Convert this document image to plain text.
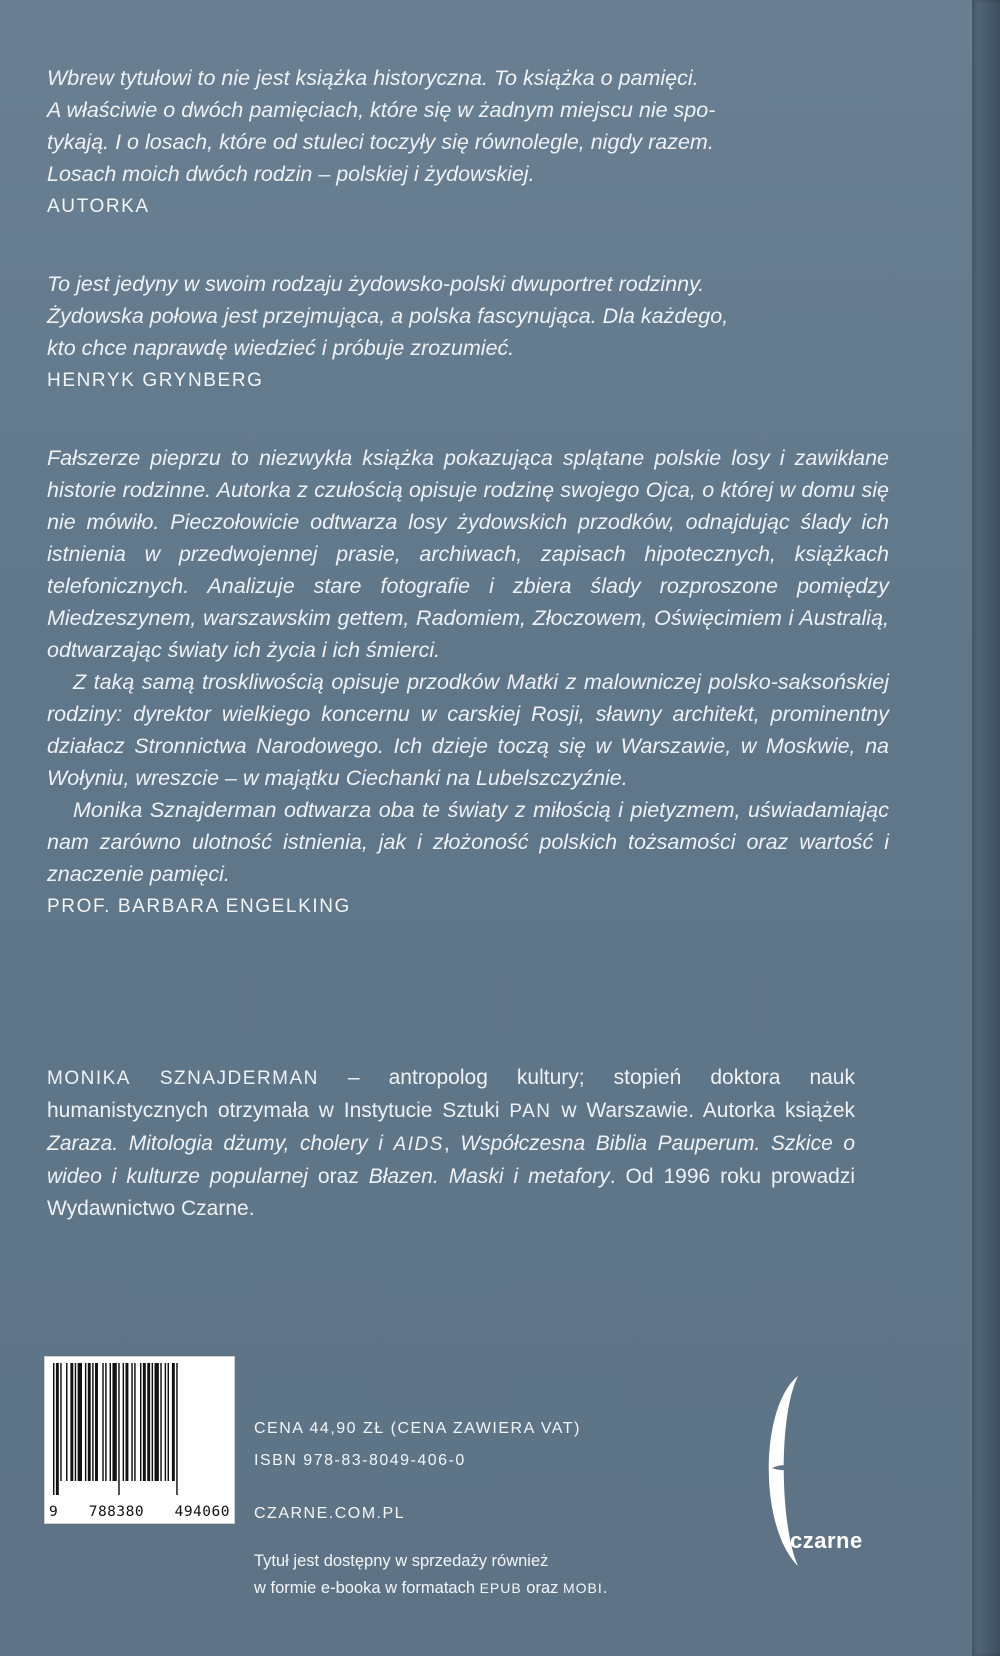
Wbrew tytułowi to nie jest książka historyczna. To książka o pamięci.

A właściwie o dwóch pamięciach, które się w żadnym miejscu nie spo-

tykają. I o losach, które od stuleci toczyły się równolegle, nigdy razem.

Losach moich dwóch rodzin – polskiej i żydowskiej.

AUTORKA

To jest jedyny w swoim rodzaju żydowsko-polski dwuportret rodzinny.

Żydowska połowa jest przejmująca, a polska fascynująca. Dla każdego,

kto chce naprawdę wiedzieć i próbuje zrozumieć.

HENRYK GRYNBERG

Fałszerze pieprzu to niezwykła książka pokazująca splątane polskie losy i zawikłane historie rodzinne. Autorka z czułością opisuje rodzinę swojego Ojca, o której w domu się nie mówiło. Pieczołowicie odtwarza losy żydowskich przodków, odnajdując ślady ich istnienia w przedwojennej prasie, archiwach, zapisach hipotecznych, książkach telefonicznych. Analizuje stare fotografie i zbiera ślady rozproszone pomiędzy Miedzeszynem, warszawskim gettem, Radomiem, Złoczowem, Oświęcimiem i Australią, odtwarzając światy ich życia i ich śmierci.

Z taką samą troskliwością opisuje przodków Matki z malowniczej polsko-saksońskiej rodziny: dyrektor wielkiego koncernu w carskiej Rosji, sławny architekt, prominentny działacz Stronnictwa Narodowego. Ich dzieje toczą się w Warszawie, w Moskwie, na Wołyniu, wreszcie – w majątku Ciechanki na Lubelszczyźnie.

Monika Sznajderman odtwarza oba te światy z miłością i pietyzmem, uświadamiając nam zarówno ulotność istnienia, jak i złożoność polskich tożsamości oraz wartość i znaczenie pamięci.

PROF. BARBARA ENGELKING

MONIKA SZNAJDERMAN – antropolog kultury; stopień doktora nauk humanistycznych otrzymała w Instytucie Sztuki PAN w Warszawie. Autorka książek Zaraza. Mitologia dżumy, cholery i AIDS, Współczesna Biblia Pauperum. Szkice o wideo i kulturze popularnej oraz Błazen. Maski i metafory. Od 1996 roku prowadzi Wydawnictwo Czarne.

9 788380 494060
CENA 44,90 ZŁ (CENA ZAWIERA VAT)
ISBN 978-83-8049-406-0
CZARNE.COM.PL
Tytuł jest dostępny w sprzedaży również
w formie e-booka w formatach EPUB oraz MOBI.
czarne
